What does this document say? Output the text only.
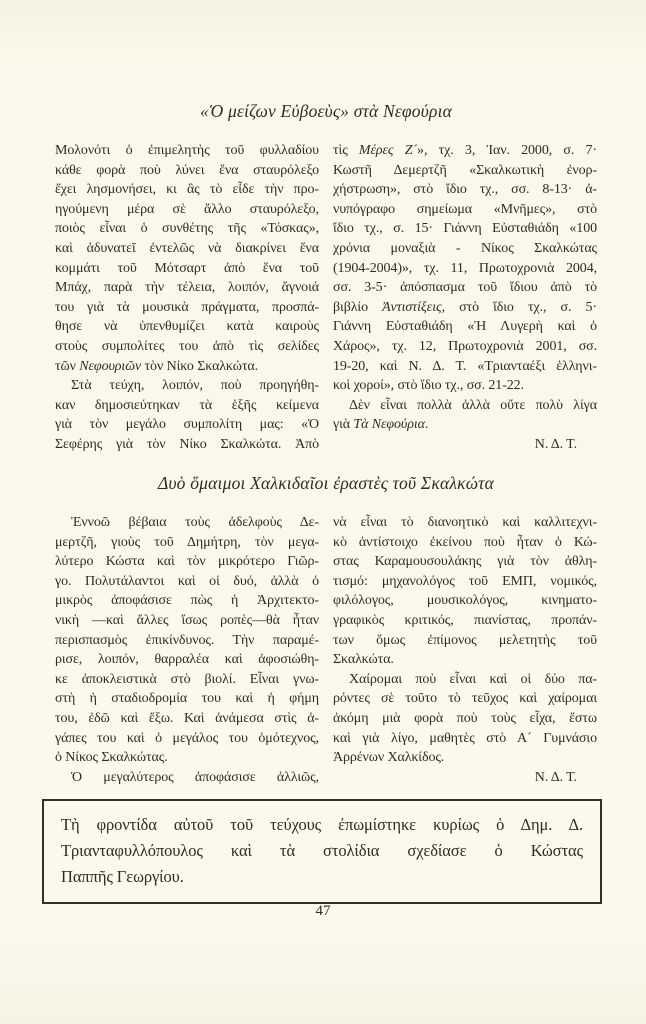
«Ὁ μείζων Εὐβοεὺς» στὰ Νεφούρια
Μολονότι ὁ ἐπιμελητὴς τοῦ φυλλαδίου
κάθε φορὰ ποὺ λύνει ἕνα σταυρόλεξο
ἔχει λησμονήσει, κι ἂς τὸ εἶδε τὴν προ-
ηγούμενη μέρα σὲ ἄλλο σταυρόλεξο,
ποιὸς εἶναι ὁ συνθέτης τῆς «Τόσκας»,
καὶ ἀδυνατεῖ ἐντελῶς νὰ διακρίνει ἕνα
κομμάτι τοῦ Μότσαρτ ἀπὸ ἕνα τοῦ
Μπάχ, παρὰ τὴν τέλεια, λοιπόν, ἄγνοιά
του γιὰ τὰ μουσικὰ πράγματα, προσπά-
θησε νὰ ὑπενθυμίζει κατὰ καιροὺς
στοὺς συμπολίτες του ἀπὸ τὶς σελίδες
τῶν Νεφουριῶν τὸν Νίκο Σκαλκώτα.
Στὰ τεύχη, λοιπόν, ποὺ προηγήθη-
καν δημοσιεύτηκαν τὰ ἑξῆς κείμενα
γιὰ τὸν μεγάλο συμπολίτη μας: «Ὁ
Σεφέρης γιὰ τὸν Νίκο Σκαλκώτα. Ἀπὸ
τὶς Μέρες Ζ´», τχ. 3, Ἰαν. 2000, σ. 7·
Κωστῆ Δεμερτζῆ «Σκαλκωτικὴ ἐνορ-
χήστρωση», στὸ ἴδιο τχ., σσ. 8-13· ἀ-
νυπόγραφο σημείωμα «Μνῆμες», στὸ
ἴδιο τχ., σ. 15· Γιάννη Εὐσταθιάδη «100
χρόνια μοναξιὰ - Νίκος Σκαλκώτας
(1904-2004)», τχ. 11, Πρωτοχρονιὰ 2004,
σσ. 3-5· ἀπόσπασμα τοῦ ἴδιου ἀπὸ τὸ
βιβλίο Ἀντιστίξεις, στὸ ἴδιο τχ., σ. 5·
Γιάννη Εὐσταθιάδη «Ἡ Λυγερὴ καὶ ὁ
Χάρος», τχ. 12, Πρωτοχρονιὰ 2001, σσ.
19-20, καὶ Ν. Δ. Τ. «Τριανταέξι ἑλληνι-
κοὶ χοροί», στὸ ἴδιο τχ., σσ. 21-22.
Δὲν εἶναι πολλὰ ἀλλὰ οὔτε πολὺ λίγα
γιὰ Τὰ Νεφούρια.
Ν. Δ. Τ.
Δυὸ ὅμαιμοι Χαλκιδαῖοι ἐραστὲς τοῦ Σκαλκώτα
Ἐννοῶ βέβαια τοὺς ἀδελφοὺς Δε-
μερτζῆ, γιοὺς τοῦ Δημήτρη, τὸν μεγα-
λύτερο Κώστα καὶ τὸν μικρότερο Γιῶρ-
γο. Πολυτάλαντοι καὶ οἱ δυό, ἀλλὰ ὁ
μικρὸς ἀποφάσισε πὼς ἡ Ἀρχιτεκτο-
νικὴ —καὶ ἄλλες ἴσως ροπὲς—θὰ ἦταν
περισπασμὸς ἐπικίνδυνος. Τὴν παραμέ-
ρισε, λοιπόν, θαρραλέα καὶ ἀφοσιώθη-
κε ἀποκλειστικὰ στὸ βιολί. Εἶναι γνω-
στὴ ἡ σταδιοδρομία του καὶ ἡ φήμη
του, ἐδῶ καὶ ἔξω. Καὶ ἀνάμεσα στὶς ἀ-
γάπες του καὶ ὁ μεγάλος του ὁμότεχνος,
ὁ Νίκος Σκαλκώτας.
Ὁ μεγαλύτερος ἀποφάσισε ἀλλιῶς,
νὰ εἶναι τὸ διανοητικὸ καὶ καλλιτεχνι-
κὸ ἀντίστοιχο ἐκείνου ποὺ ἦταν ὁ Κώ-
στας Καραμουσουλάκης γιὰ τὸν ἀθλη-
τισμό: μηχανολόγος τοῦ ΕΜΠ, νομικός,
φιλόλογος, μουσικολόγος, κινηματο-
γραφικὸς κριτικός, πιανίστας, προπάν-
των ὅμως ἐπίμονος μελετητὴς τοῦ
Σκαλκώτα.
Χαίρομαι ποὺ εἶναι καὶ οἱ δύο πα-
ρόντες σὲ τοῦτο τὸ τεῦχος καὶ χαίρομαι
ἀκόμη μιὰ φορὰ ποὺ τοὺς εἶχα, ἔστω
καὶ γιὰ λίγο, μαθητὲς στὸ Α´ Γυμνάσιο
Ἀρρένων Χαλκίδος.
Ν. Δ. Τ.
Τὴ φροντίδα αὐτοῦ τοῦ τεύχους ἐπωμίστηκε κυρίως ὁ Δημ. Δ.
Τριανταφυλλόπουλος καὶ τὰ στολίδια σχεδίασε ὁ Κώστας
Παππῆς Γεωργίου.
47
